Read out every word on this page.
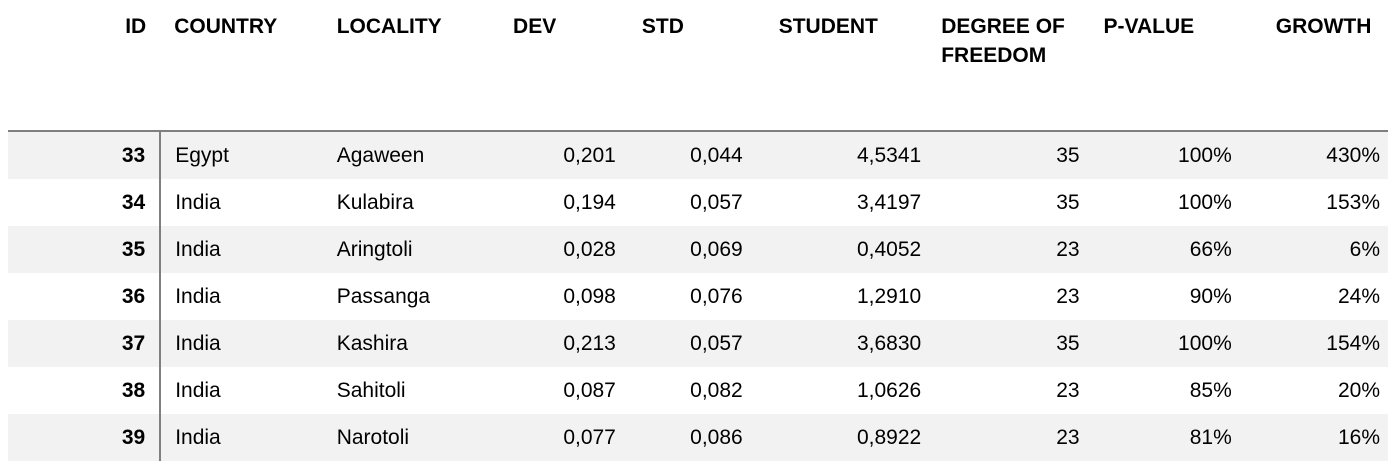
ID	COUNTRY	LOCALITY	DEV	STD	STUDENT	DEGREE OF FREEDOM	P-VALUE	GROWTH
33	Egypt	Agaween	0,201	0,044	4,5341	35	100%	430%
34	India	Kulabira	0,194	0,057	3,4197	35	100%	153%
35	India	Aringtoli	0,028	0,069	0,4052	23	66%	6%
36	India	Passanga	0,098	0,076	1,2910	23	90%	24%
37	India	Kashira	0,213	0,057	3,6830	35	100%	154%
38	India	Sahitoli	0,087	0,082	1,0626	23	85%	20%
39	India	Narotoli	0,077	0,086	0,8922	23	81%	16%
